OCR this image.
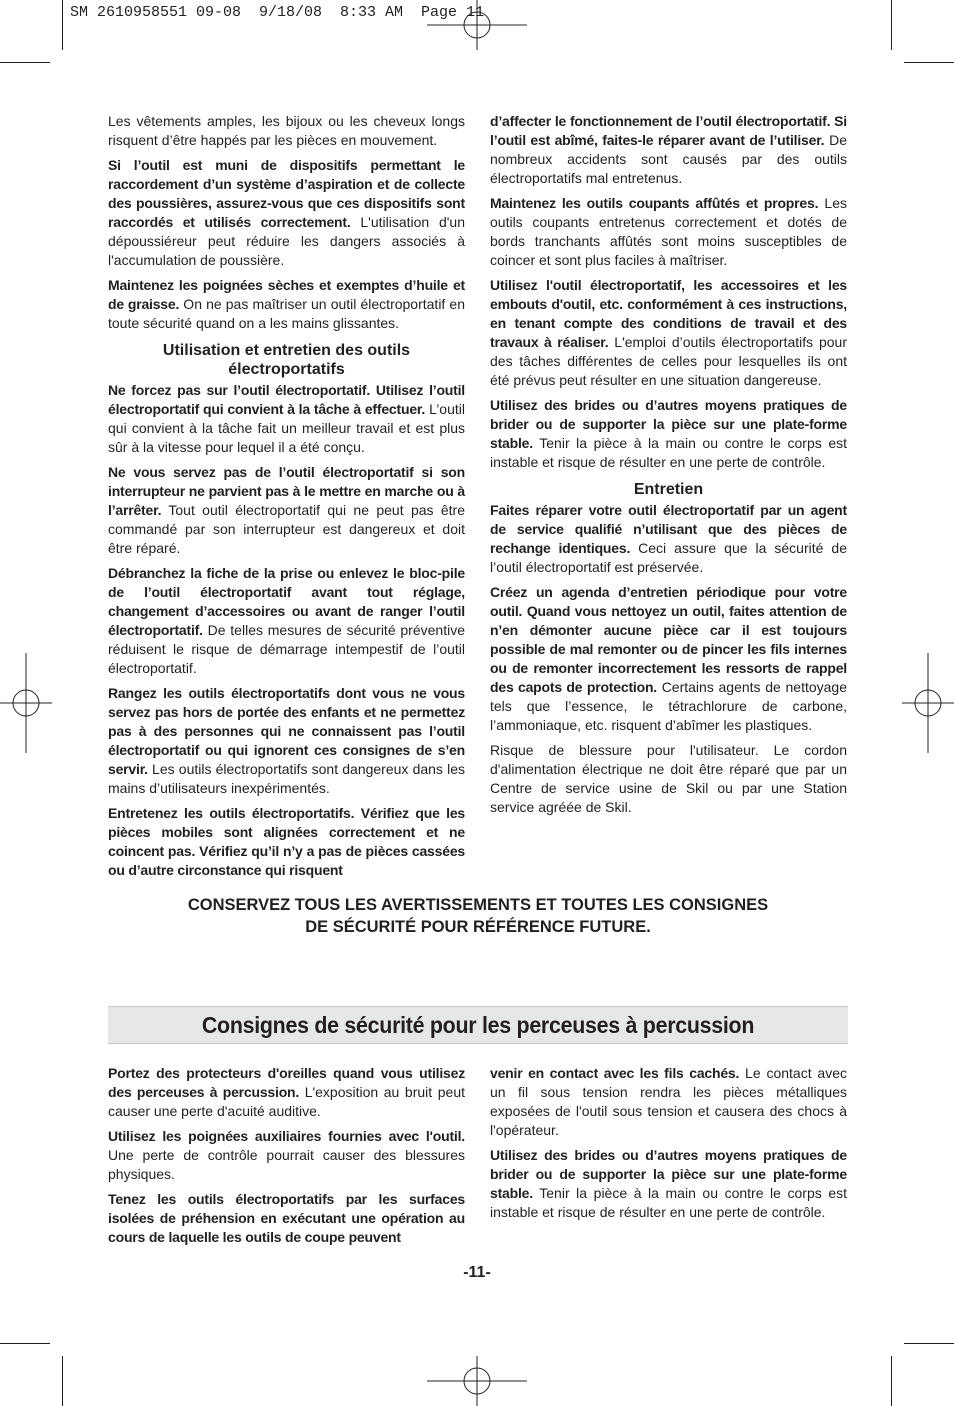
SM 2610958551 09-08  9/18/08  8:33 AM  Page 11

Les vêtements amples, les bijoux ou les cheveux longs risquent d’être happés par les pièces en mouvement.

Si l’outil est muni de dispositifs permettant le raccordement d’un système d’aspiration et de collecte des poussières, assurez-vous que ces dispositifs sont raccordés et utilisés correctement. L'utilisation d'un dépoussiéreur peut réduire les dangers associés à l'accumulation de poussière.

Maintenez les poignées sèches et exemptes d’huile et de graisse. On ne pas maîtriser un outil électroportatif en toute sécurité quand on a les mains glissantes.

Utilisation et entretien des outils électroportatifs

Ne forcez pas sur l’outil électroportatif. Utilisez l’outil électroportatif qui convient à la tâche à effectuer. L’outil qui convient à la tâche fait un meilleur travail et est plus sûr à la vitesse pour lequel il a été conçu.

Ne vous servez pas de l’outil électroportatif si son interrupteur ne parvient pas à le mettre en marche ou à l’arrêter. Tout outil électroportatif qui ne peut pas être commandé par son interrupteur est dangereux et doit être réparé.

Débranchez la fiche de la prise ou enlevez le bloc-pile de l’outil électroportatif avant tout réglage, changement d’accessoires ou avant de ranger l’outil électroportatif. De telles mesures de sécurité préventive réduisent le risque de démarrage intempestif de l’outil électroportatif.

Rangez les outils électroportatifs dont vous ne vous servez pas hors de portée des enfants et ne permettez pas à des personnes qui ne connaissent pas l’outil électroportatif ou qui ignorent ces consignes de s’en servir. Les outils électroportatifs sont dangereux dans les mains d’utilisateurs inexpérimentés.

Entretenez les outils électroportatifs. Vérifiez que les pièces mobiles sont alignées correctement et ne coincent pas. Vérifiez qu’il n’y a pas de pièces cassées ou d’autre circonstance qui risquent

d’affecter le fonctionnement de l’outil électroportatif. Si l’outil est abîmé, faites-le réparer avant de l’utiliser. De nombreux accidents sont causés par des outils électroportatifs mal entretenus.

Maintenez les outils coupants affûtés et propres. Les outils coupants entretenus correctement et dotés de bords tranchants affûtés sont moins susceptibles de coincer et sont plus faciles à maîtriser.

Utilisez l'outil électroportatif, les accessoires et les embouts d'outil, etc. conformément à ces instructions, en tenant compte des conditions de travail et des travaux à réaliser. L'emploi d’outils électroportatifs pour des tâches différentes de celles pour lesquelles ils ont été prévus peut résulter en une situation dangereuse.

Utilisez des brides ou d’autres moyens pratiques de brider ou de supporter la pièce sur une plate-forme stable. Tenir la pièce à la main ou contre le corps est instable et risque de résulter en une perte de contrôle.

Entretien

Faites réparer votre outil électroportatif par un agent de service qualifié n’utilisant que des pièces de rechange identiques. Ceci assure que la sécurité de l’outil électroportatif est préservée.

Créez un agenda d’entretien périodique pour votre outil. Quand vous nettoyez un outil, faites attention de n’en démonter aucune pièce car il est toujours possible de mal remonter ou de pincer les fils internes ou de remonter incorrectement les ressorts de rappel des capots de protection. Certains agents de nettoyage tels que l’essence, le tétrachlorure de carbone, l’ammoniaque, etc. risquent d’abîmer les plastiques.

Risque de blessure pour l'utilisateur. Le cordon d'alimentation électrique ne doit être réparé que par un Centre de service usine de Skil ou par une Station service agréée de Skil.

CONSERVEZ TOUS LES AVERTISSEMENTS ET TOUTES LES CONSIGNES
DE SÉCURITÉ POUR RÉFÉRENCE FUTURE.
Consignes de sécurité pour les perceuses à percussion

Portez des protecteurs d'oreilles quand vous utilisez des perceuses à percussion. L'exposition au bruit peut causer une perte d'acuité auditive.

Utilisez les poignées auxiliaires fournies avec l'outil. Une perte de contrôle pourrait causer des blessures physiques.

Tenez les outils électroportatifs par les surfaces isolées de préhension en exécutant une opération au cours de laquelle les outils de coupe peuvent

venir en contact avec les fils cachés. Le contact avec un fil sous tension rendra les pièces métalliques exposées de l'outil sous tension et causera des chocs à l'opérateur.

Utilisez des brides ou d’autres moyens pratiques de brider ou de supporter la pièce sur une plate-forme stable. Tenir la pièce à la main ou contre le corps est instable et risque de résulter en une perte de contrôle.

-11-
